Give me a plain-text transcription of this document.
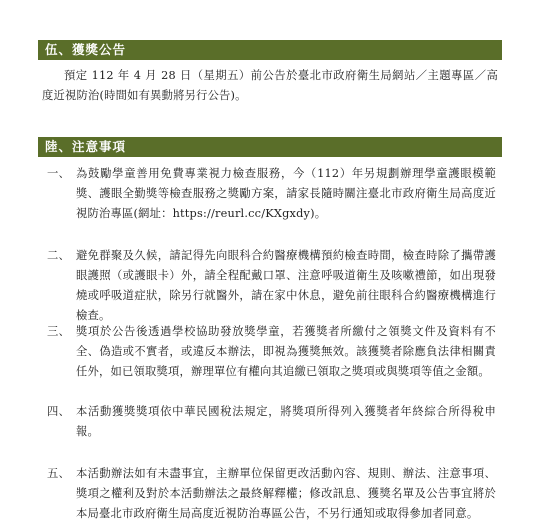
伍、獲獎公告
預定 112 年 4 月 28 日（星期五）前公告於臺北市政府衛生局網站／主題專區／高度近視防治(時間如有異動將另行公告)。
陸、注意事項
一、 為鼓勵學童善用免費專業視力檢查服務，今（112）年另規劃辦理學童護眼模範獎、護眼全勤獎等檢查服務之獎勵方案，請家長隨時關注臺北市政府衛生局高度近視防治專區(網址：https://reurl.cc/KXgxdy)。
二、 避免群聚及久候，請記得先向眼科合約醫療機構預約檢查時間，檢查時除了攜帶護眼護照（或護眼卡）外，請全程配戴口罩、注意呼吸道衛生及咳嗽禮節，如出現發燒或呼吸道症狀，除另行就醫外，請在家中休息，避免前往眼科合約醫療機構進行檢查。
三、 獎項於公告後透過學校協助發放獎學童，若獲獎者所繳付之領獎文件及資料有不全、偽造或不實者，或違反本辦法，即視為獲獎無效。該獲獎者除應負法律相關責任外，如已領取獎項，辦理單位有權向其追繳已領取之獎項或與獎項等值之金額。
四、 本活動獲獎獎項依中華民國稅法規定，將獎項所得列入獲獎者年終綜合所得稅申報。
五、 本活動辦法如有未盡事宜，主辦單位保留更改活動內容、規則、辦法、注意事項、獎項之權利及對於本活動辦法之最終解釋權；修改訊息、獲獎名單及公告事宜將於本局臺北市政府衛生局高度近視防治專區公告，不另行通知或取得參加者同意。
